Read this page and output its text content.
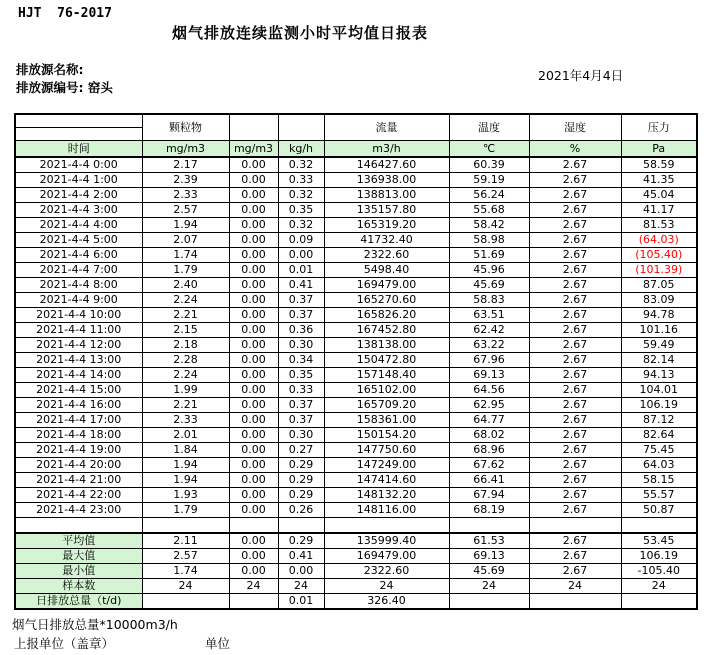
HJT  76-2017
烟气排放连续监测小时平均值日报表
排放源名称:
排放源编号: 窑头
2021年4月4日
	颗粒物			流量	温度	湿度	压力

时间	mg/m3	mg/m3	kg/h	m3/h	℃	%	Pa
2021-4-4 0:00	2.17	0.00	0.32	146427.60	60.39	2.67	58.59
2021-4-4 1:00	2.39	0.00	0.33	136938.00	59.19	2.67	41.35
2021-4-4 2:00	2.33	0.00	0.32	138813.00	56.24	2.67	45.04
2021-4-4 3:00	2.57	0.00	0.35	135157.80	55.68	2.67	41.17
2021-4-4 4:00	1.94	0.00	0.32	165319.20	58.42	2.67	81.53
2021-4-4 5:00	2.07	0.00	0.09	41732.40	58.98	2.67	(64.03)
2021-4-4 6:00	1.74	0.00	0.00	2322.60	51.69	2.67	(105.40)
2021-4-4 7:00	1.79	0.00	0.01	5498.40	45.96	2.67	(101.39)
2021-4-4 8:00	2.40	0.00	0.41	169479.00	45.69	2.67	87.05
2021-4-4 9:00	2.24	0.00	0.37	165270.60	58.83	2.67	83.09
2021-4-4 10:00	2.21	0.00	0.37	165826.20	63.51	2.67	94.78
2021-4-4 11:00	2.15	0.00	0.36	167452.80	62.42	2.67	101.16
2021-4-4 12:00	2.18	0.00	0.30	138138.00	63.22	2.67	59.49
2021-4-4 13:00	2.28	0.00	0.34	150472.80	67.96	2.67	82.14
2021-4-4 14:00	2.24	0.00	0.35	157148.40	69.13	2.67	94.13
2021-4-4 15:00	1.99	0.00	0.33	165102.00	64.56	2.67	104.01
2021-4-4 16:00	2.21	0.00	0.37	165709.20	62.95	2.67	106.19
2021-4-4 17:00	2.33	0.00	0.37	158361.00	64.77	2.67	87.12
2021-4-4 18:00	2.01	0.00	0.30	150154.20	68.02	2.67	82.64
2021-4-4 19:00	1.84	0.00	0.27	147750.60	68.96	2.67	75.45
2021-4-4 20:00	1.94	0.00	0.29	147249.00	67.62	2.67	64.03
2021-4-4 21:00	1.94	0.00	0.29	147414.60	66.41	2.67	58.15
2021-4-4 22:00	1.93	0.00	0.29	148132.20	67.94	2.67	55.57
2021-4-4 23:00	1.79	0.00	0.26	148116.00	68.19	2.67	50.87

平均值	2.11	0.00	0.29	135999.40	61.53	2.67	53.45
最大值	2.57	0.00	0.41	169479.00	69.13	2.67	106.19
最小值	1.74	0.00	0.00	2322.60	45.69	2.67	-105.40
样本数	24	24	24	24	24	24	24
日排放总量（t/d)			0.01	326.40			
烟气日排放总量*10000m3/h
上报单位（盖章）	单位
